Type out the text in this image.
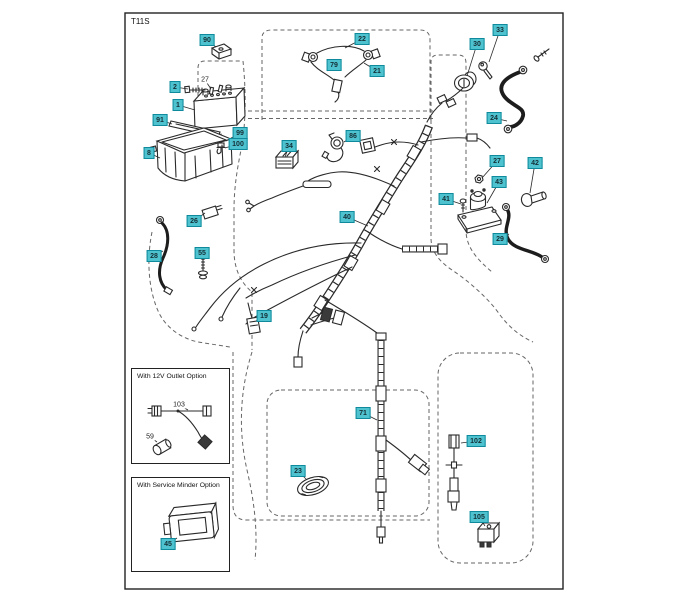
T11S
With 12V Outlet Option
With Service Minder Option
90
2
27
1
91
8
99
100
22
79
21
30
33
24
34
86
26
28	55
40
19
27	42
43
41
29
71
102
105
23
45
103
59
